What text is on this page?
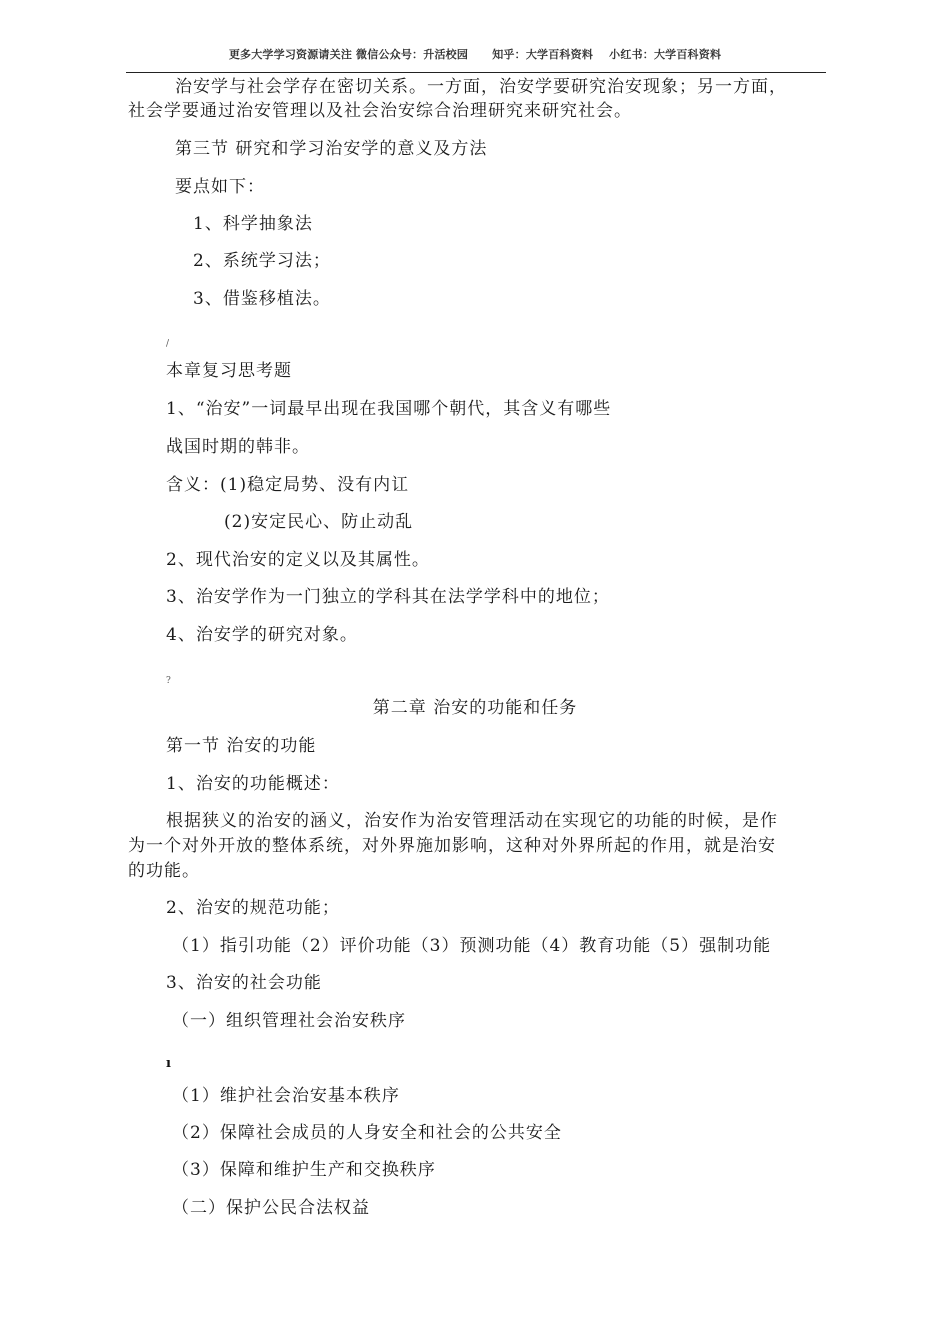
更多大学学习资源请关注 微信公众号：升活校园      知乎：大学百科资料    小红书：大学百科资料
治安学与社会学存在密切关系。一方面，治安学要研究治安现象；另一方面，
社会学要通过治安管理以及社会治安综合治理研究来研究社会。
第三节 研究和学习治安学的意义及方法
要点如下：
1、科学抽象法
2、系统学习法；
3、借鉴移植法。
/
本章复习思考题
1、“治安”一词最早出现在我国哪个朝代，其含义有哪些
战国时期的韩非。
含义：(1)稳定局势、没有内讧
(2)安定民心、防止动乱
2、现代治安的定义以及其属性。
3、治安学作为一门独立的学科其在法学学科中的地位；
4、治安学的研究对象。
?
第二章 治安的功能和任务
第一节 治安的功能
1、治安的功能概述：
根据狭义的治安的涵义，治安作为治安管理活动在实现它的功能的时候，是作
为一个对外开放的整体系统，对外界施加影响，这种对外界所起的作用，就是治安
的功能。
2、治安的规范功能；
（1）指引功能（2）评价功能（3）预测功能（4）教育功能（5）强制功能
3、治安的社会功能
（一）组织管理社会治安秩序
ı
（1）维护社会治安基本秩序
（2）保障社会成员的人身安全和社会的公共安全
（3）保障和维护生产和交换秩序
（二）保护公民合法权益
